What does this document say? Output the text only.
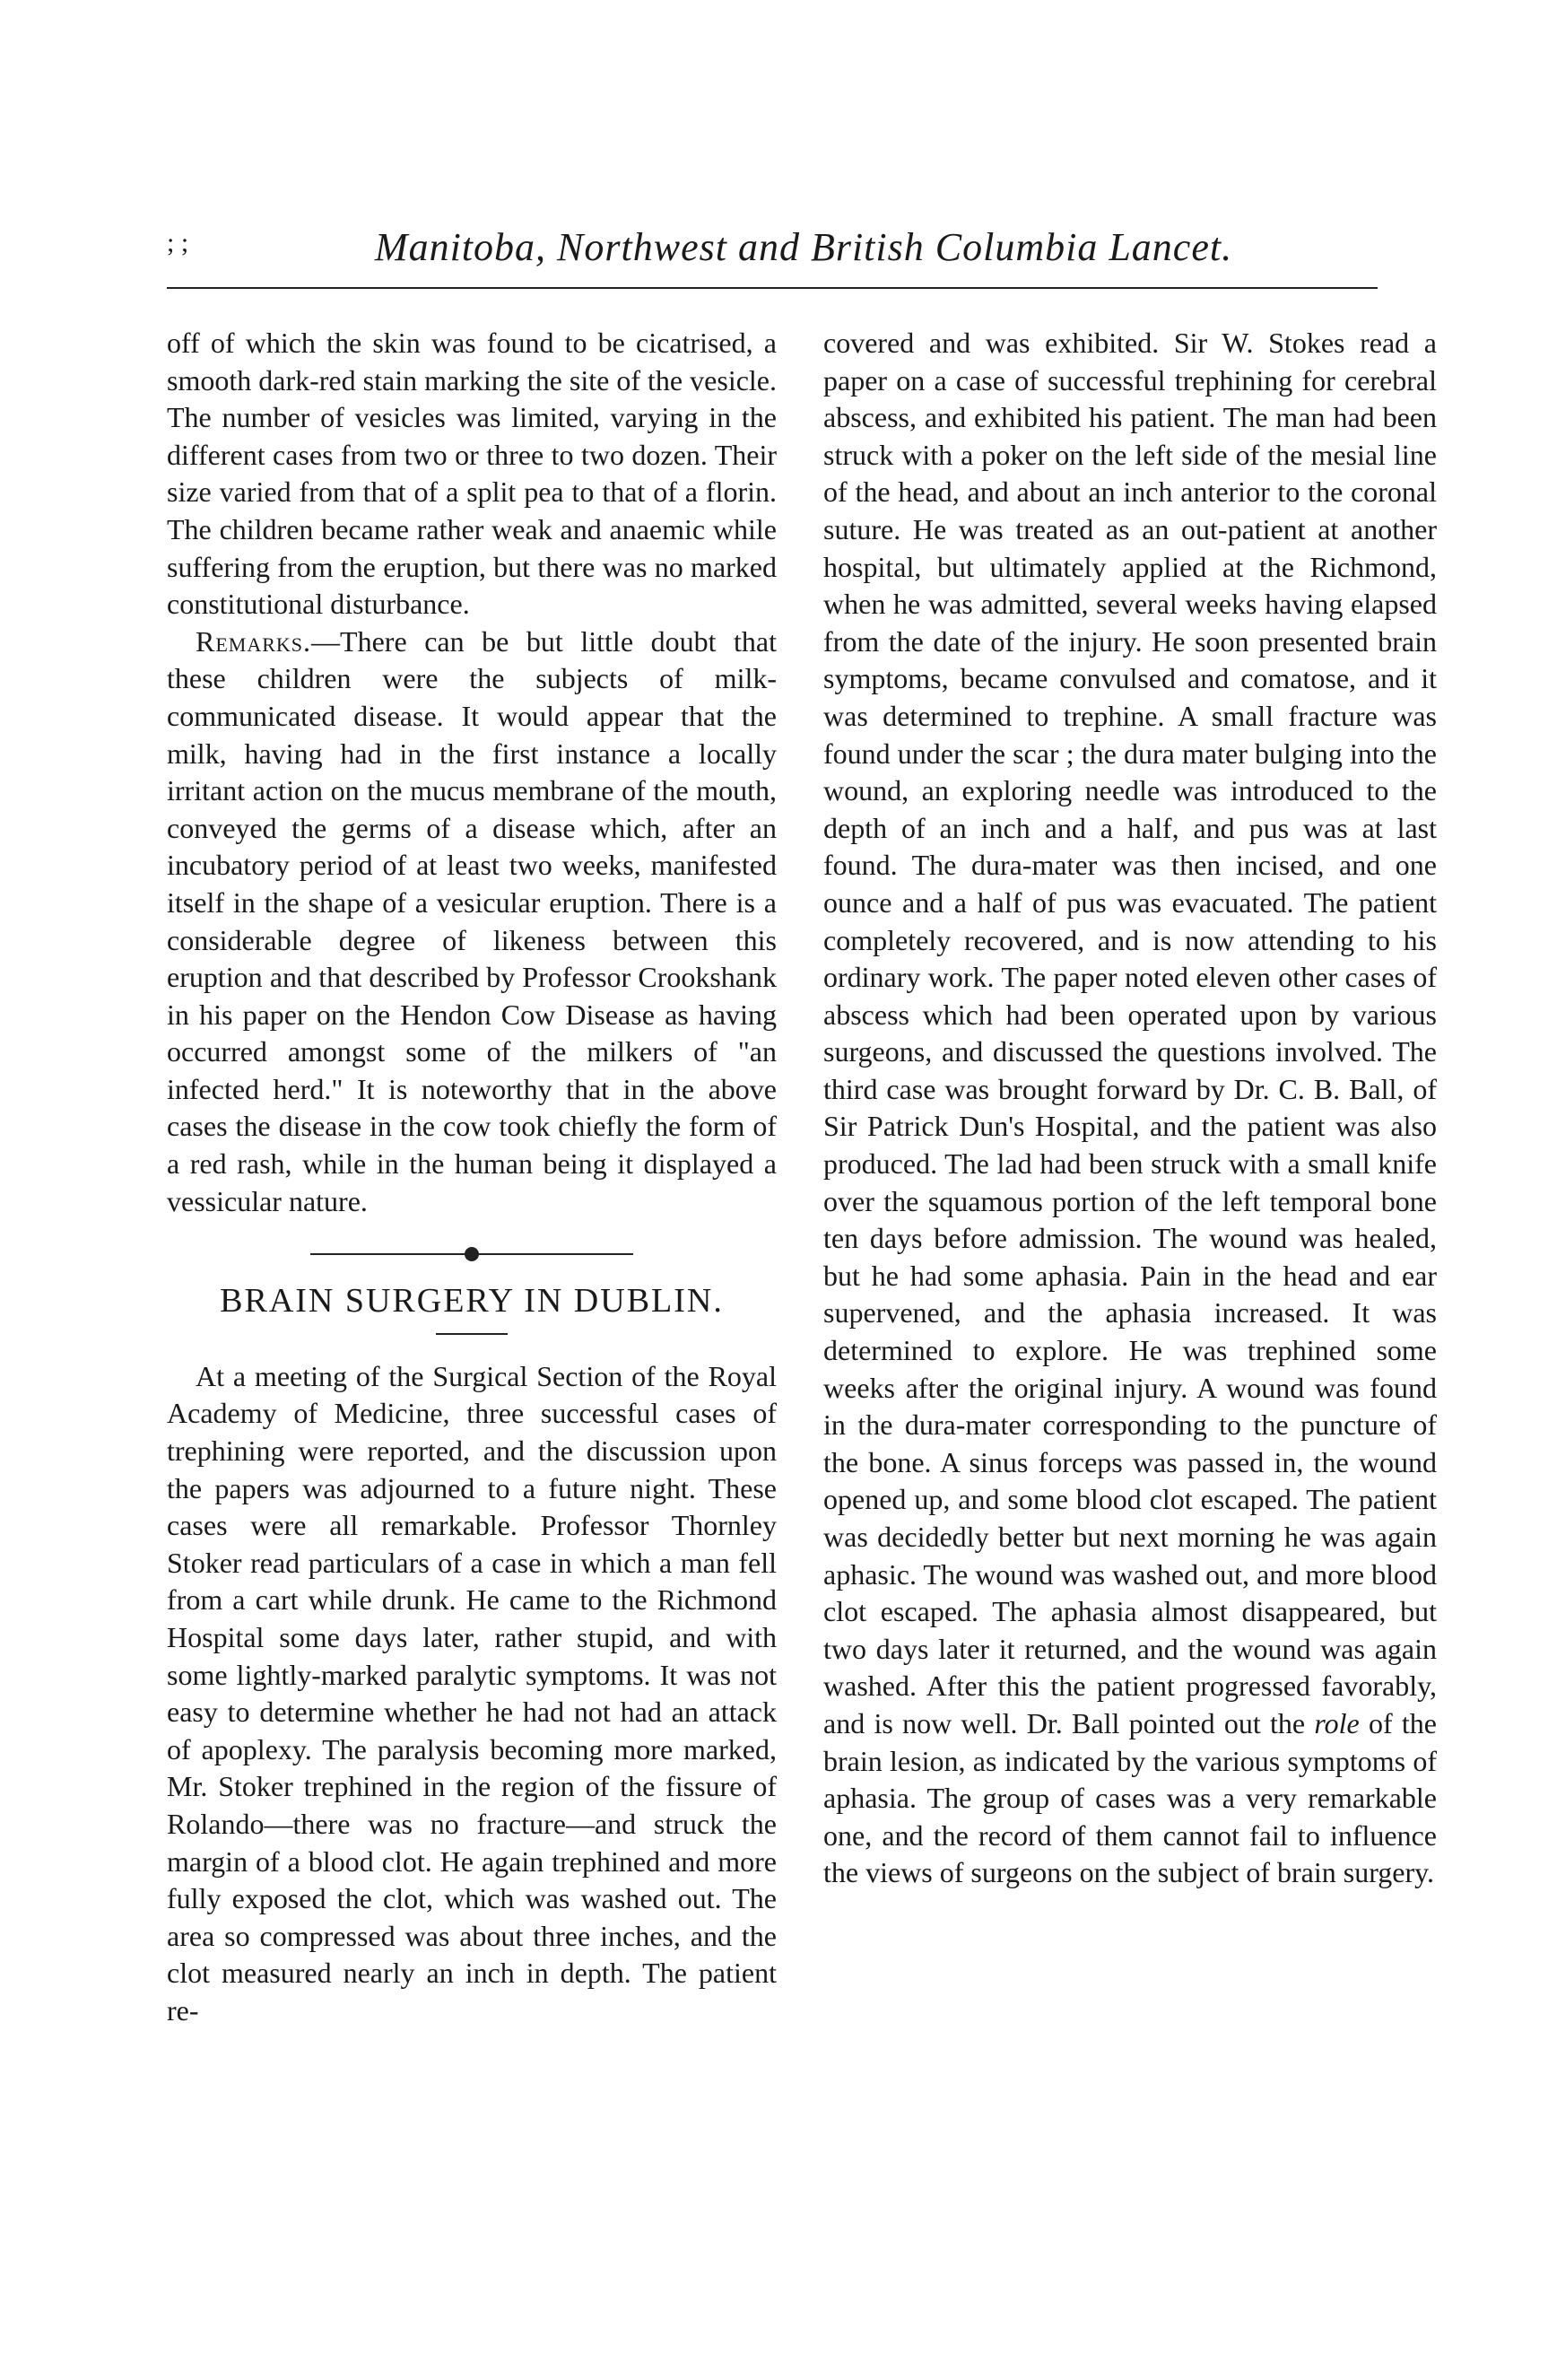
; ;	Manitoba, Northwest and British Columbia Lancet.

off of which the skin was found to be cicatrised, a smooth dark-red stain marking the site of the vesicle. The number of vesicles was limited, varying in the different cases from two or three to two dozen. Their size varied from that of a split pea to that of a florin. The children became rather weak and anaemic while suffering from the eruption, but there was no marked constitutional disturbance.

Remarks.—There can be but little doubt that these children were the subjects of milk-communicated disease. It would appear that the milk, having had in the first instance a locally irritant action on the mucus membrane of the mouth, conveyed the germs of a disease which, after an incubatory period of at least two weeks, manifested itself in the shape of a vesicular eruption. There is a considerable degree of likeness between this eruption and that described by Professor Crookshank in his paper on the Hendon Cow Disease as having occurred amongst some of the milkers of "an infected herd." It is noteworthy that in the above cases the disease in the cow took chiefly the form of a red rash, while in the human being it displayed a vessicular nature.

BRAIN SURGERY IN DUBLIN.

At a meeting of the Surgical Section of the Royal Academy of Medicine, three successful cases of trephining were reported, and the discussion upon the papers was adjourned to a future night. These cases were all remarkable. Professor Thornley Stoker read particulars of a case in which a man fell from a cart while drunk. He came to the Richmond Hospital some days later, rather stupid, and with some lightly-marked paralytic symptoms. It was not easy to determine whether he had not had an attack of apoplexy. The paralysis becoming more marked, Mr. Stoker trephined in the region of the fissure of Rolando—there was no fracture—and struck the margin of a blood clot. He again trephined and more fully exposed the clot, which was washed out. The area so compressed was about three inches, and the clot measured nearly an inch in depth. The patient re-

covered and was exhibited. Sir W. Stokes read a paper on a case of successful trephining for cerebral abscess, and exhibited his patient. The man had been struck with a poker on the left side of the mesial line of the head, and about an inch anterior to the coronal suture. He was treated as an out-patient at another hospital, but ultimately applied at the Richmond, when he was admitted, several weeks having elapsed from the date of the injury. He soon presented brain symptoms, became convulsed and comatose, and it was determined to trephine. A small fracture was found under the scar ; the dura mater bulging into the wound, an exploring needle was introduced to the depth of an inch and a half, and pus was at last found. The dura-mater was then incised, and one ounce and a half of pus was evacuated. The patient completely recovered, and is now attending to his ordinary work. The paper noted eleven other cases of abscess which had been operated upon by various surgeons, and discussed the questions involved. The third case was brought forward by Dr. C. B. Ball, of Sir Patrick Dun's Hospital, and the patient was also produced. The lad had been struck with a small knife over the squamous portion of the left temporal bone ten days before admission. The wound was healed, but he had some aphasia. Pain in the head and ear supervened, and the aphasia increased. It was determined to explore. He was trephined some weeks after the original injury. A wound was found in the dura-mater corresponding to the puncture of the bone. A sinus forceps was passed in, the wound opened up, and some blood clot escaped. The patient was decidedly better but next morning he was again aphasic. The wound was washed out, and more blood clot escaped. The aphasia almost disappeared, but two days later it returned, and the wound was again washed. After this the patient progressed favorably, and is now well. Dr. Ball pointed out the role of the brain lesion, as indicated by the various symptoms of aphasia. The group of cases was a very remarkable one, and the record of them cannot fail to influence the views of surgeons on the subject of brain surgery.
